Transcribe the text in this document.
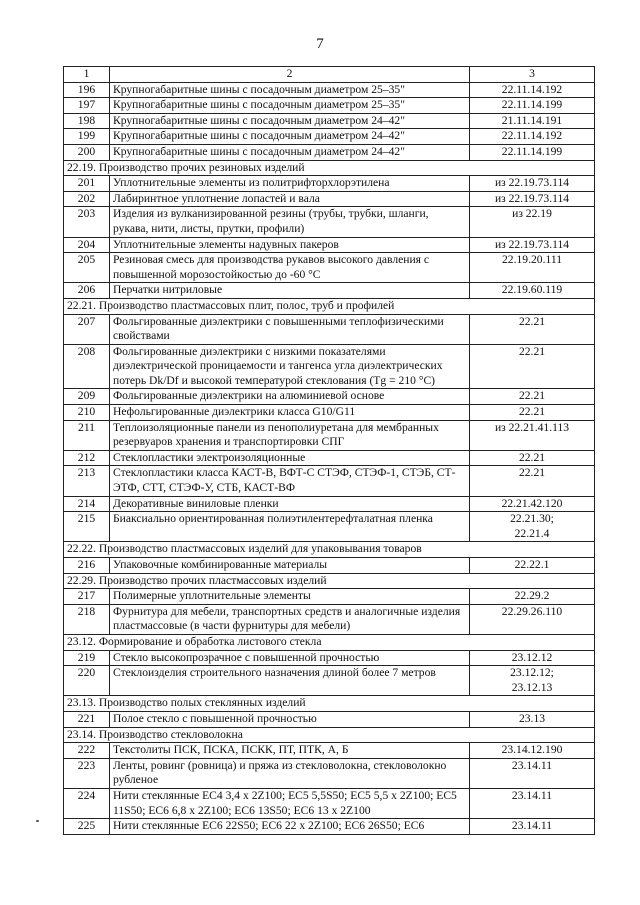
7
1	2	3
196	Крупногабаритные шины с посадочным диаметром 25–35"	22.11.14.192
197	Крупногабаритные шины с посадочным диаметром 25–35"	22.11.14.199
198	Крупногабаритные шины с посадочным диаметром 24–42"	21.11.14.191
199	Крупногабаритные шины с посадочным диаметром 24–42"	22.11.14.192
200	Крупногабаритные шины с посадочным диаметром 24–42"	22.11.14.199
22.19. Производство прочих резиновых изделий		
201	Уплотнительные элементы из политрифторхлорэтилена	из 22.19.73.114
202	Лабиринтное уплотнение лопастей и вала	из 22.19.73.114
203	Изделия из вулканизированной резины (трубы, трубки, шланги, рукава, нити, листы, прутки, профили)	из 22.19
204	Уплотнительные элементы надувных пакеров	из 22.19.73.114
205	Резиновая смесь для производства рукавов высокого давления с повышенной морозостойкостью до -60 °С	22.19.20.111
206	Перчатки нитриловые	22.19.60.119
22.21. Производство пластмассовых плит, полос, труб и профилей		
207	Фольгированные диэлектрики с повышенными теплофизическими свойствами	22.21
208	Фольгированные диэлектрики с низкими показателями диэлектрической проницаемости и тангенса угла диэлектрических потерь Dk/Df и высокой температурой стеклования (Tg = 210 °С)	22.21
209	Фольгированные диэлектрики на алюминиевой основе	22.21
210	Нефольгированные диэлектрики класса G10/G11	22.21
211	Теплоизоляционные панели из пенополиуретана для мембранных резервуаров хранения и транспортировки СПГ	из 22.21.41.113
212	Стеклопластики электроизоляционные	22.21
213	Стеклопластики класса КАСТ-В, ВФТ-С СТЭФ, СТЭФ-1, СТЭБ, СТ-ЭТФ, СТТ, СТЭФ-У, СТБ, КАСТ-ВФ	22.21
214	Декоративные виниловые пленки	22.21.42.120
215	Биаксиально ориентированная полиэтилентерефталатная пленка	22.21.30;
22.21.4
22.22. Производство пластмассовых изделий для упаковывания товаров		
216	Упаковочные комбинированные материалы	22.22.1
22.29. Производство прочих пластмассовых изделий		
217	Полимерные уплотнительные элементы	22.29.2
218	Фурнитура для мебели, транспортных средств и аналогичные изделия пластмассовые (в части фурнитуры для мебели)	22.29.26.110
23.12. Формирование и обработка листового стекла		
219	Стекло высокопрозрачное с повышенной прочностью	23.12.12
220	Стеклоизделия строительного назначения длиной более 7 метров	23.12.12;
23.12.13
23.13. Производство полых стеклянных изделий		
221	Полое стекло с повышенной прочностью	23.13
23.14. Производство стекловолокна		
222	Текстолиты ПСК, ПСКА, ПСКК, ПТ, ПТК, А, Б	23.14.12.190
223	Ленты, ровинг (ровница) и пряжа из стекловолокна, стекловолокно рубленое	23.14.11
224	Нити стеклянные ЕС4 3,4 х 2Z100; ЕС5 5,5S50; ЕС5 5,5 х 2Z100; ЕС5 11S50; ЕС6 6,8 х 2Z100; ЕС6 13S50; ЕС6 13 х 2Z100	23.14.11
225	Нити стеклянные ЕС6 22S50; ЕС6 22 х 2Z100; ЕС6 26S50; ЕС6	23.14.11
